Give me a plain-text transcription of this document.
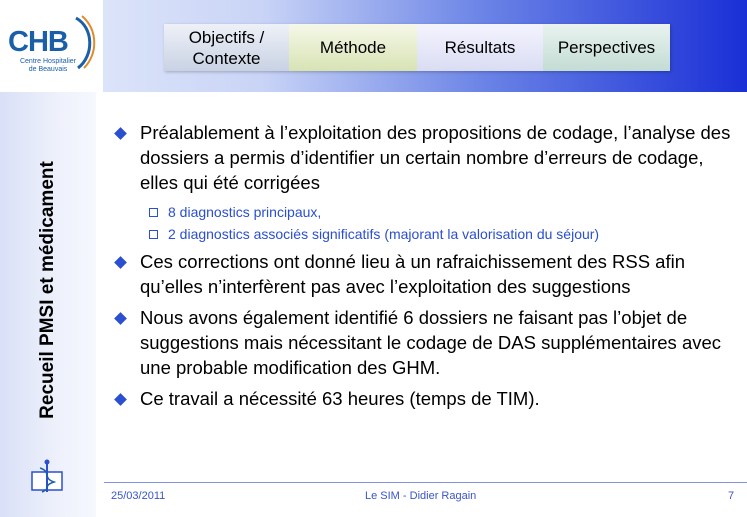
CHB
Centre Hospitalier
de Beauvais
Objectifs /
Contexte
Méthode	Résultats Perspectives
Recueil PMSI et médicament
Préalablement à l’exploitation des propositions de codage, l’analyse des dossiers a permis d’identifier un certain nombre d’erreurs de codage, elles qui été corrigées
8 diagnostics principaux,
2 diagnostics associés significatifs (majorant la valorisation du séjour)
Ces corrections ont donné lieu à un rafraichissement des RSS afin qu’elles n’interfèrent pas avec l’exploitation des suggestions
Nous avons également identifié 6 dossiers ne faisant pas l’objet de suggestions mais nécessitant le codage de DAS supplémentaires avec une probable modification des GHM.
Ce travail a nécessité 63 heures (temps de TIM).
25/03/2011	Le SIM - Didier Ragain	7
